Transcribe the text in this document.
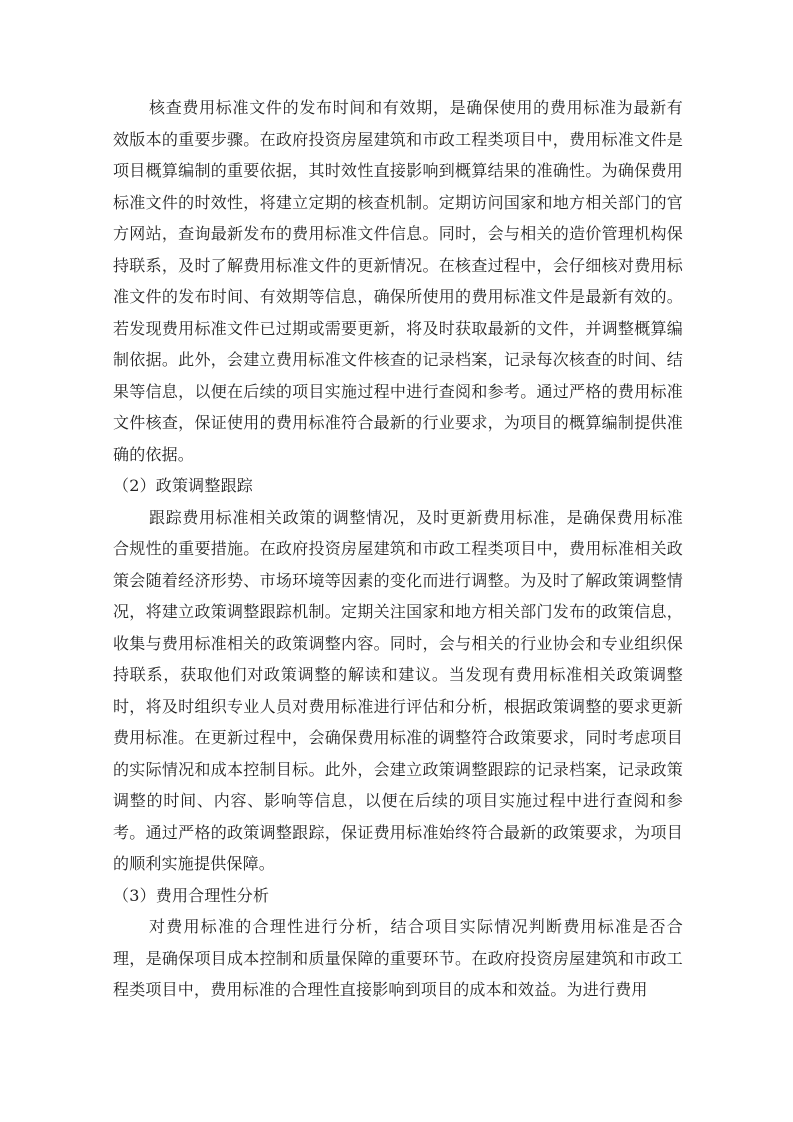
核查费用标准文件的发布时间和有效期，是确保使用的费用标准为最新有效版本的重要步骤。在政府投资房屋建筑和市政工程类项目中，费用标准文件是项目概算编制的重要依据，其时效性直接影响到概算结果的准确性。为确保费用标准文件的时效性，将建立定期的核查机制。定期访问国家和地方相关部门的官方网站，查询最新发布的费用标准文件信息。同时，会与相关的造价管理机构保持联系，及时了解费用标准文件的更新情况。在核查过程中，会仔细核对费用标准文件的发布时间、有效期等信息，确保所使用的费用标准文件是最新有效的。若发现费用标准文件已过期或需要更新，将及时获取最新的文件，并调整概算编制依据。此外，会建立费用标准文件核查的记录档案，记录每次核查的时间、结果等信息，以便在后续的项目实施过程中进行查阅和参考。通过严格的费用标准文件核查，保证使用的费用标准符合最新的行业要求，为项目的概算编制提供准确的依据。

（2）政策调整跟踪

跟踪费用标准相关政策的调整情况，及时更新费用标准，是确保费用标准合规性的重要措施。在政府投资房屋建筑和市政工程类项目中，费用标准相关政策会随着经济形势、市场环境等因素的变化而进行调整。为及时了解政策调整情况，将建立政策调整跟踪机制。定期关注国家和地方相关部门发布的政策信息，收集与费用标准相关的政策调整内容。同时，会与相关的行业协会和专业组织保持联系，获取他们对政策调整的解读和建议。当发现有费用标准相关政策调整时，将及时组织专业人员对费用标准进行评估和分析，根据政策调整的要求更新费用标准。在更新过程中，会确保费用标准的调整符合政策要求，同时考虑项目的实际情况和成本控制目标。此外，会建立政策调整跟踪的记录档案，记录政策调整的时间、内容、影响等信息，以便在后续的项目实施过程中进行查阅和参考。通过严格的政策调整跟踪，保证费用标准始终符合最新的政策要求，为项目的顺利实施提供保障。

（3）费用合理性分析

对费用标准的合理性进行分析，结合项目实际情况判断费用标准是否合理，是确保项目成本控制和质量保障的重要环节。在政府投资房屋建筑和市政工程类项目中，费用标准的合理性直接影响到项目的成本和效益。为进行费用
